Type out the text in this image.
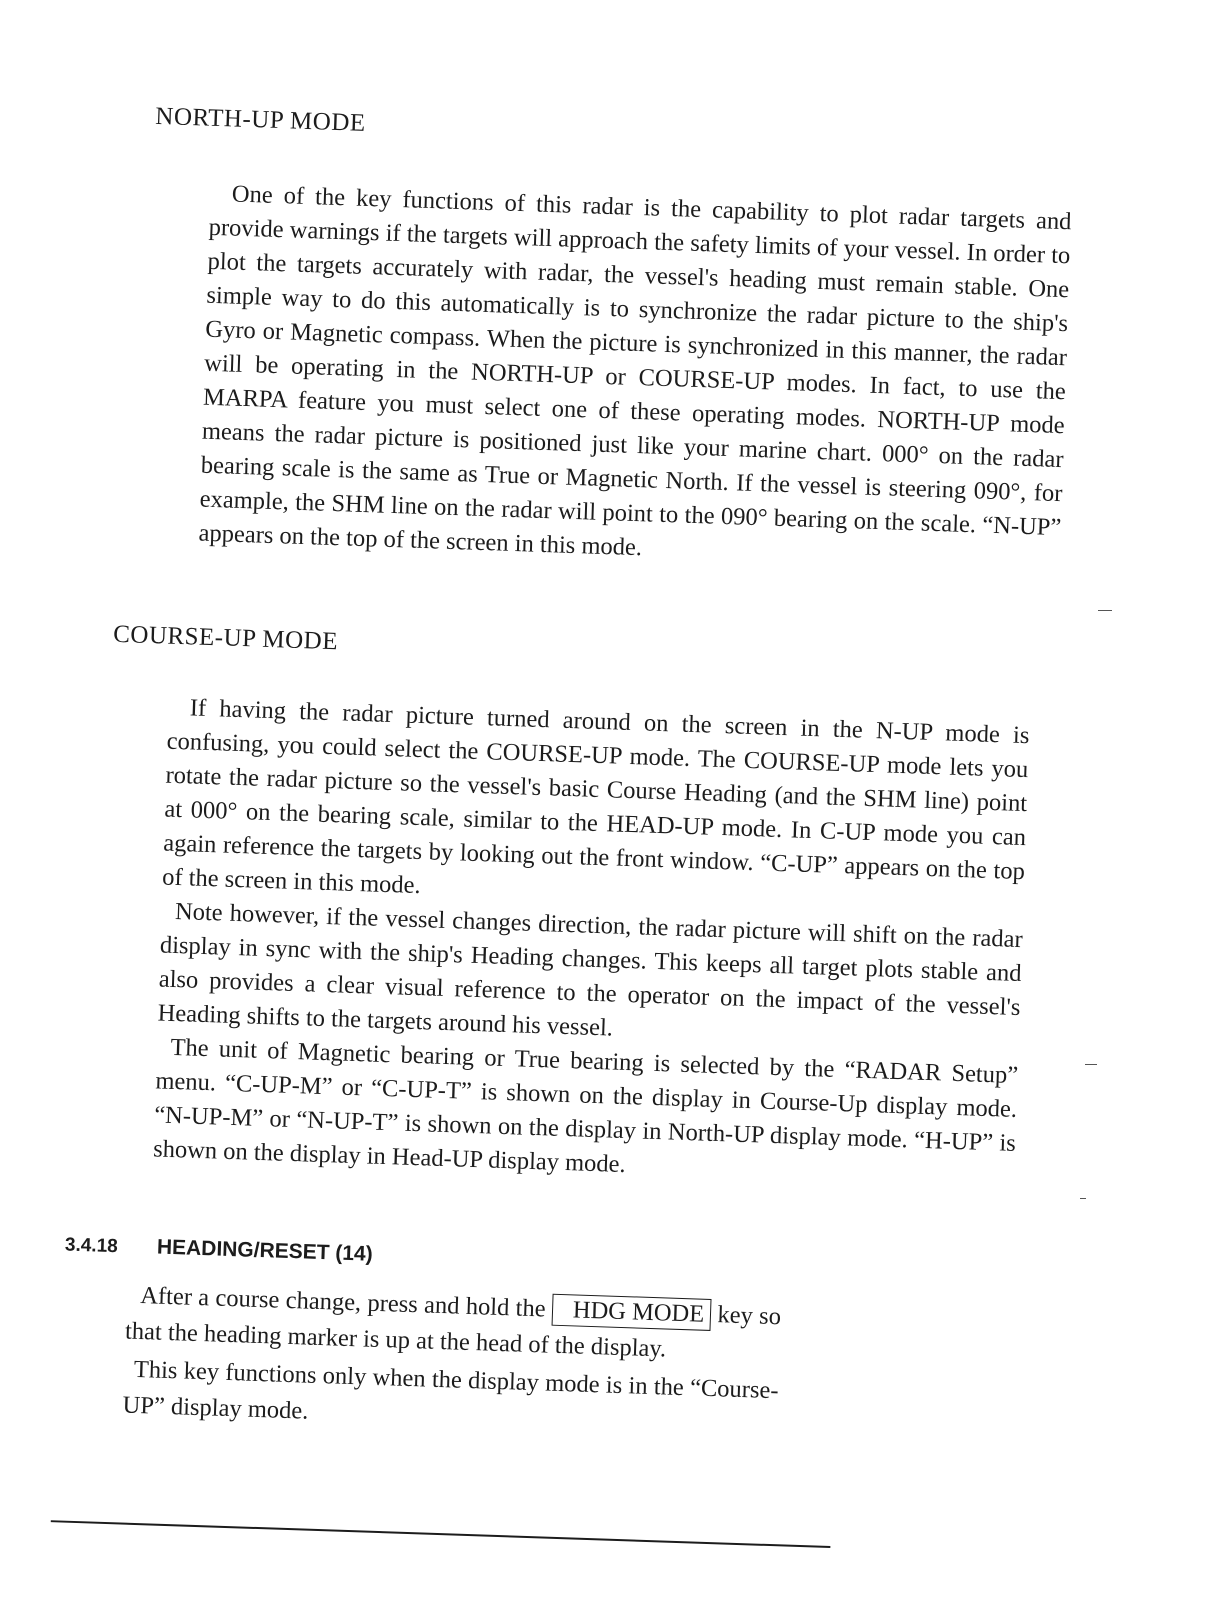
NORTH-UP MODE

One of the key functions of this radar is the capability to plot radar targets and provide warnings if the targets will approach the safety limits of your vessel. In order to plot the targets accurately with radar, the vessel's heading must remain stable. One simple way to do this automatically is to synchronize the radar picture to the ship's Gyro or Magnetic compass. When the picture is synchronized in this manner, the radar will be operating in the NORTH-UP or COURSE-UP modes. In fact, to use the MARPA feature you must select one of these operating modes. NORTH-UP mode means the radar picture is positioned just like your marine chart. 000° on the radar bearing scale is the same as True or Magnetic North. If the vessel is steering 090°, for example, the SHM line on the radar will point to the 090° bearing on the scale. “N-UP” appears on the top of the screen in this mode.

COURSE-UP MODE

If having the radar picture turned around on the screen in the N-UP mode is confusing, you could select the COURSE-UP mode. The COURSE-UP mode lets you rotate the radar picture so the vessel's basic Course Heading (and the SHM line) point at 000° on the bearing scale, similar to the HEAD-UP mode. In C-UP mode you can again reference the targets by looking out the front window. “C-UP” appears on the top of the screen in this mode.

Note however, if the vessel changes direction, the radar picture will shift on the radar display in sync with the ship's Heading changes. This keeps all target plots stable and also provides a clear visual reference to the operator on the impact of the vessel's Heading shifts to the targets around his vessel.

The unit of Magnetic bearing or True bearing is selected by the “RADAR Setup” menu. “C-UP-M” or “C-UP-T” is shown on the display in Course-Up display mode. “N-UP-M” or “N-UP-T” is shown on the display in North-UP display mode. “H-UP” is shown on the display in Head-UP display mode.

3.4.18 HEADING/RESET (14)

After a course change, press and hold the HDG MODE key so that the heading marker is up at the head of the display.

This key functions only when the display mode is in the “Course-UP” display mode.
